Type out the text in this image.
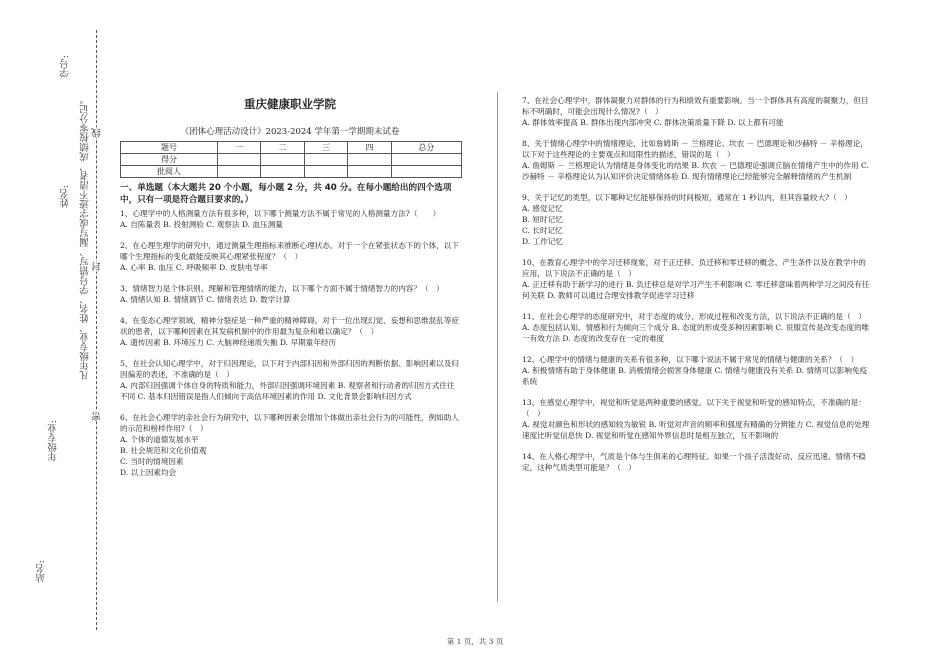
学号:
姓名: 凡年级专业、姓名、学号错写、漏写或字迹不清者，成绩按零分记。
年级专业:
站名:
线
封
密
重庆健康职业学院
《团体心理活动设计》2023-2024 学年第一学期期末试卷
题号	一	二	三	四	总分
得分					
批阅人					
一、单选题（本大题共 20 个小题，每小题 2 分，共 40 分。在每小题给出的四个选项中，只有一项是符合题目要求的。）

1、心理学中的人格测量方法有很多种，以下哪个测量方法不属于常见的人格测量方法?（　　）

A. 自陈量表 B. 投射测验 C. 观察法 D. 血压测量

2、在心理生理学的研究中，通过测量生理指标来推断心理状态。对于一个在紧张状态下的个体，以下哪个生理指标的变化最能反映其心理紧张程度？（　）

A. 心率 B. 血压 C. 呼吸频率 D. 皮肤电导率

3、情绪智力是个体识别、理解和管理情绪的能力，以下哪个方面不属于情绪智力的内容？（　）

A. 情绪认知 B. 情绪调节 C. 情绪表达 D. 数学计算

4、在变态心理学领域，精神分裂症是一种严重的精神障碍。对于一位出现幻觉、妄想和思维混乱等症状的患者，以下哪种因素在其发病机制中的作用最为复杂和难以确定？（　）

A. 遗传因素 B. 环境压力 C. 大脑神经递质失衡 D. 早期童年经历

5、在社会认知心理学中，对于归因理论，以下对于内部归因和外部归因的判断依据、影响因素以及归因偏差的表述，不准确的是（　）

A. 内部归因强调个体自身的特质和能力，外部归因强调环境因素 B. 观察者和行动者的归因方式往往不同 C. 基本归因错误是指人们倾向于高估环境因素的作用 D. 文化背景会影响归因方式

6、在社会心理学的亲社会行为研究中，以下哪种因素会增加个体做出亲社会行为的可能性，例如助人的示范和榜样作用?（　）

A. 个体的道德发展水平

B. 社会规范和文化价值观

C. 当时的情境因素

D. 以上因素均会

7、在社会心理学中，群体凝聚力对群体的行为和绩效有重要影响。当一个群体具有高度的凝聚力，但目标不明确时，可能会出现什么情况?（　）

A. 群体效率提高 B. 群体出现内部冲突 C. 群体决策质量下降 D. 以上都有可能

8、关于情绪心理学中的情绪理论，比如詹姆斯 － 兰格理论、坎农 － 巴德理论和沙赫特 － 辛格理论，以下对于这些理论的主要观点和局限性的描述，错误的是（　）

A. 詹姆斯 － 兰格理论认为情绪是身体变化的结果 B. 坎农 － 巴德理论强调丘脑在情绪产生中的作用 C. 沙赫特 － 辛格理论认为认知评价决定情绪体验 D. 现有情绪理论已经能够完全解释情绪的产生机制

9、关于记忆的类型，以下哪种记忆能够保持的时间极短，通常在 1 秒以内，但其容量较大?（　）

A. 感觉记忆

B. 短时记忆

C. 长时记忆

D. 工作记忆

10、在教育心理学中的学习迁移现象，对于正迁移、负迁移和零迁移的概念、产生条件以及在教学中的应用，以下说法不正确的是（　）

A. 正迁移有助于新学习的进行 B. 负迁移总是对学习产生不利影响 C. 零迁移意味着两种学习之间没有任何关联 D. 教师可以通过合理安排教学促进学习迁移

11、在社会心理学的态度研究中，对于态度的成分、形成过程和改变方法，以下说法不正确的是（　）

A. 态度包括认知、情感和行为倾向三个成分 B. 态度的形成受多种因素影响 C. 说服宣传是改变态度的唯一有效方法 D. 态度的改变存在一定的难度

12、心理学中的情绪与健康的关系有很多种，以下哪个说法不属于常见的情绪与健康的关系？（　）

A. 积极情绪有助于身体健康 B. 消极情绪会损害身体健康 C. 情绪与健康没有关系 D. 情绪可以影响免疫系统

13、在感觉心理学中，视觉和听觉是两种重要的感觉。以下关于视觉和听觉的感知特点，不准确的是：（　）

A. 视觉对颜色和形状的感知较为敏锐 B. 听觉对声音的频率和强度有精确的分辨能力 C. 视觉信息的处理速度比听觉信息快 D. 视觉和听觉在感知外界信息时是相互独立，互不影响的

14、在人格心理学中，气质是个体与生俱来的心理特征。如果一个孩子活泼好动、反应迅速、情绪不稳定，这种气质类型可能是？（　）

第 1 页，共 3 页
